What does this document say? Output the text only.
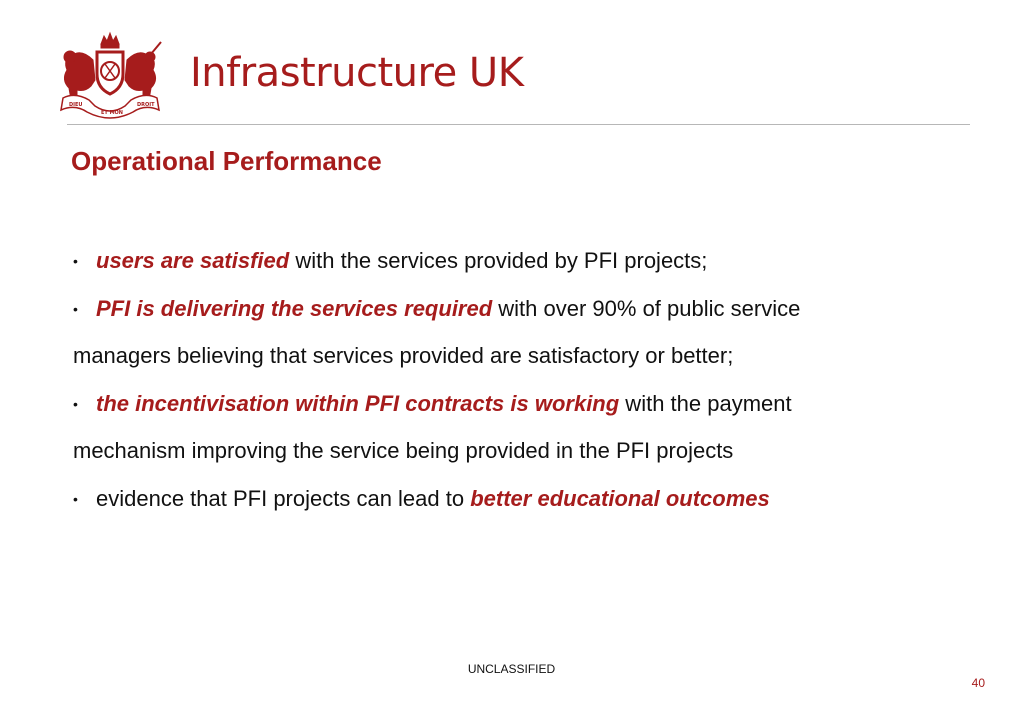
DIEU
ET MON
DROIT
Infrastructure UK
Operational Performance
• users are satisfied with the services provided by PFI projects;
• PFI is delivering the services required with over 90% of public service
managers believing that services provided are satisfactory or better;
• the incentivisation within PFI contracts is working with the payment
mechanism improving the service being provided in the PFI projects
• evidence that PFI projects can lead to better educational outcomes
UNCLASSIFIED
40
